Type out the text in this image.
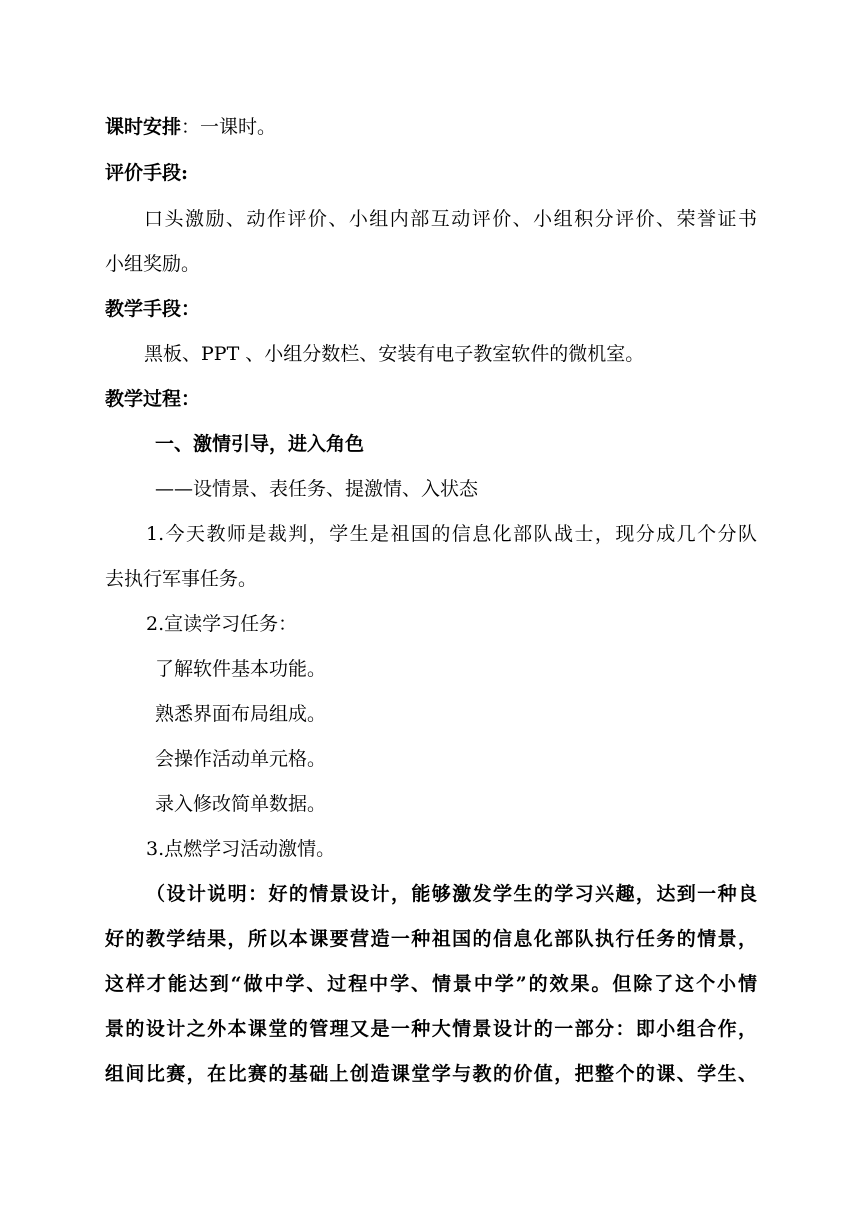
课时安排：一课时。
评价手段:
口头激励、动作评价、小组内部互动评价、小组积分评价、荣誉证书
小组奖励。
教学手段：
黑板、PPT 、小组分数栏、安装有电子教室软件的微机室。
教学过程：
一、激情引导，进入角色
——设情景、表任务、提激情、入状态
1.今天教师是裁判，学生是祖国的信息化部队战士，现分成几个分队
去执行军事任务。
2.宣读学习任务：
了解软件基本功能。
熟悉界面布局组成。
会操作活动单元格。
录入修改简单数据。
3.点燃学习活动激情。
（设计说明：好的情景设计，能够激发学生的学习兴趣，达到一种良
好的教学结果，所以本课要营造一种祖国的信息化部队执行任务的情景，
这样才能达到“做中学、过程中学、情景中学”的效果。但除了这个小情
景的设计之外本课堂的管理又是一种大情景设计的一部分：即小组合作，
组间比赛，在比赛的基础上创造课堂学与教的价值，把整个的课、学生、
